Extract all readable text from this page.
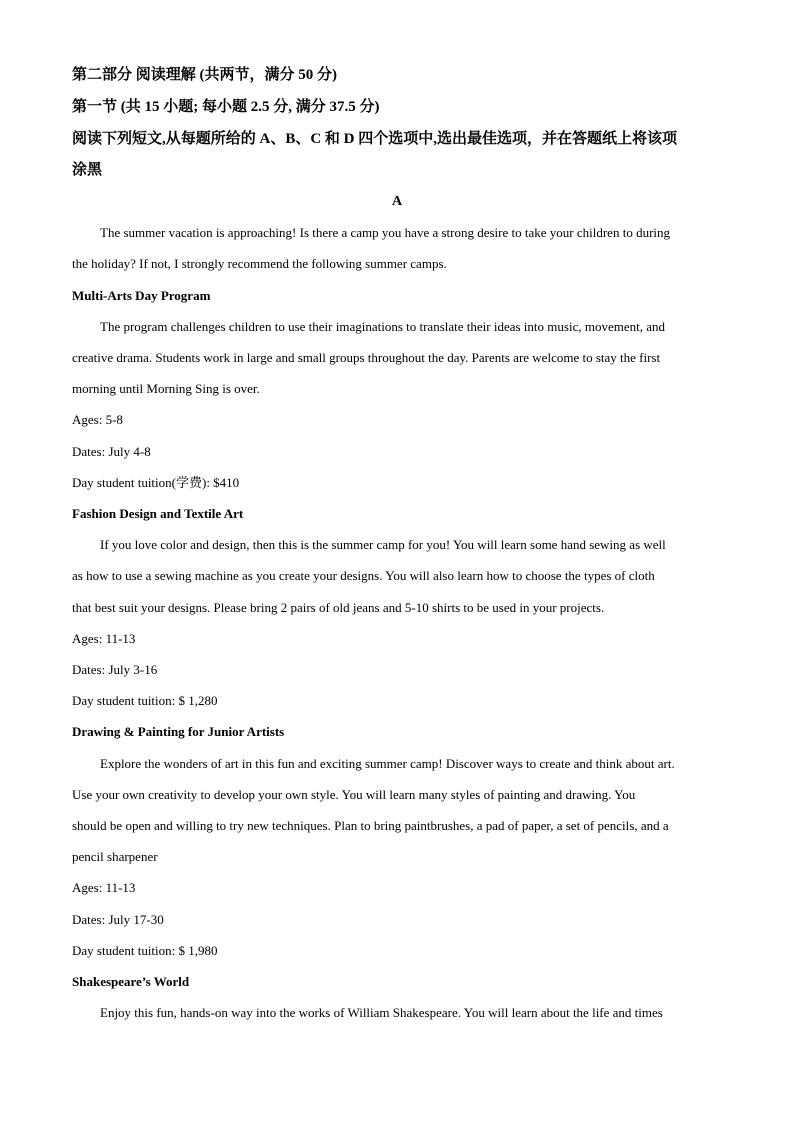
第二部分 阅读理解 (共两节，满分 50 分)
第一节 (共 15 小题; 每小题 2.5 分, 满分 37.5 分)
阅读下列短文,从每题所给的 A、B、C 和 D 四个选项中,选出最佳选项，并在答题纸上将该项
涂黑
A
The summer vacation is approaching! Is there a camp you have a strong desire to take your children to during
the holiday? If not, I strongly recommend the following summer camps.
Multi-Arts Day Program
The program challenges children to use their imaginations to translate their ideas into music, movement, and
creative drama. Students work in large and small groups throughout the day. Parents are welcome to stay the first
morning until Morning Sing is over.
Ages: 5-8
Dates: July 4-8
Day student tuition(学费): $410
Fashion Design and Textile Art
If you love color and design, then this is the summer camp for you! You will learn some hand sewing as well
as how to use a sewing machine as you create your designs. You will also learn how to choose the types of cloth
that best suit your designs. Please bring 2 pairs of old jeans and 5-10 shirts to be used in your projects.
Ages: 11-13
Dates: July 3-16
Day student tuition: $ 1,280
Drawing & Painting for Junior Artists
Explore the wonders of art in this fun and exciting summer camp! Discover ways to create and think about art.
Use your own creativity to develop your own style. You will learn many styles of painting and drawing. You
should be open and willing to try new techniques. Plan to bring paintbrushes, a pad of paper, a set of pencils, and a
pencil sharpener
Ages: 11-13
Dates: July 17-30
Day student tuition: $ 1,980
Shakespeare’s World
Enjoy this fun, hands-on way into the works of William Shakespeare. You will learn about the life and times
